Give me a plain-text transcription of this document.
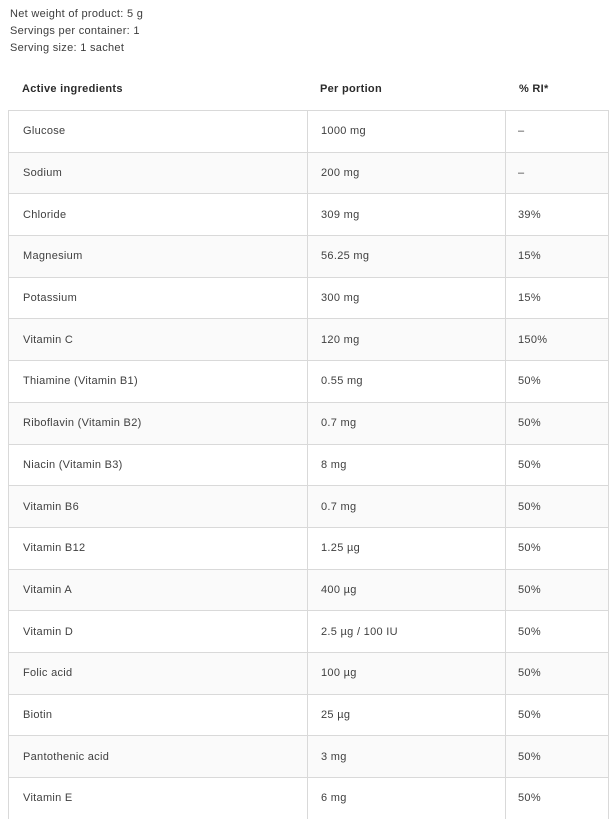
Net weight of product: 5 g
Servings per container: 1
Serving size: 1 sachet
Active ingredients	Per portion	% RI*
Glucose	1000 mg	–
Sodium	200 mg	–
Chloride	309 mg	39%
Magnesium	56.25 mg	15%
Potassium	300 mg	15%
Vitamin C	120 mg	150%
Thiamine (Vitamin B1)	0.55 mg	50%
Riboflavin (Vitamin B2)	0.7 mg	50%
Niacin (Vitamin B3)	8 mg	50%
Vitamin B6	0.7 mg	50%
Vitamin B12	1.25 µg	50%
Vitamin A	400 µg	50%
Vitamin D	2.5 µg / 100 IU	50%
Folic acid	100 µg	50%
Biotin	25 µg	50%
Pantothenic acid	3 mg	50%
Vitamin E	6 mg	50%
